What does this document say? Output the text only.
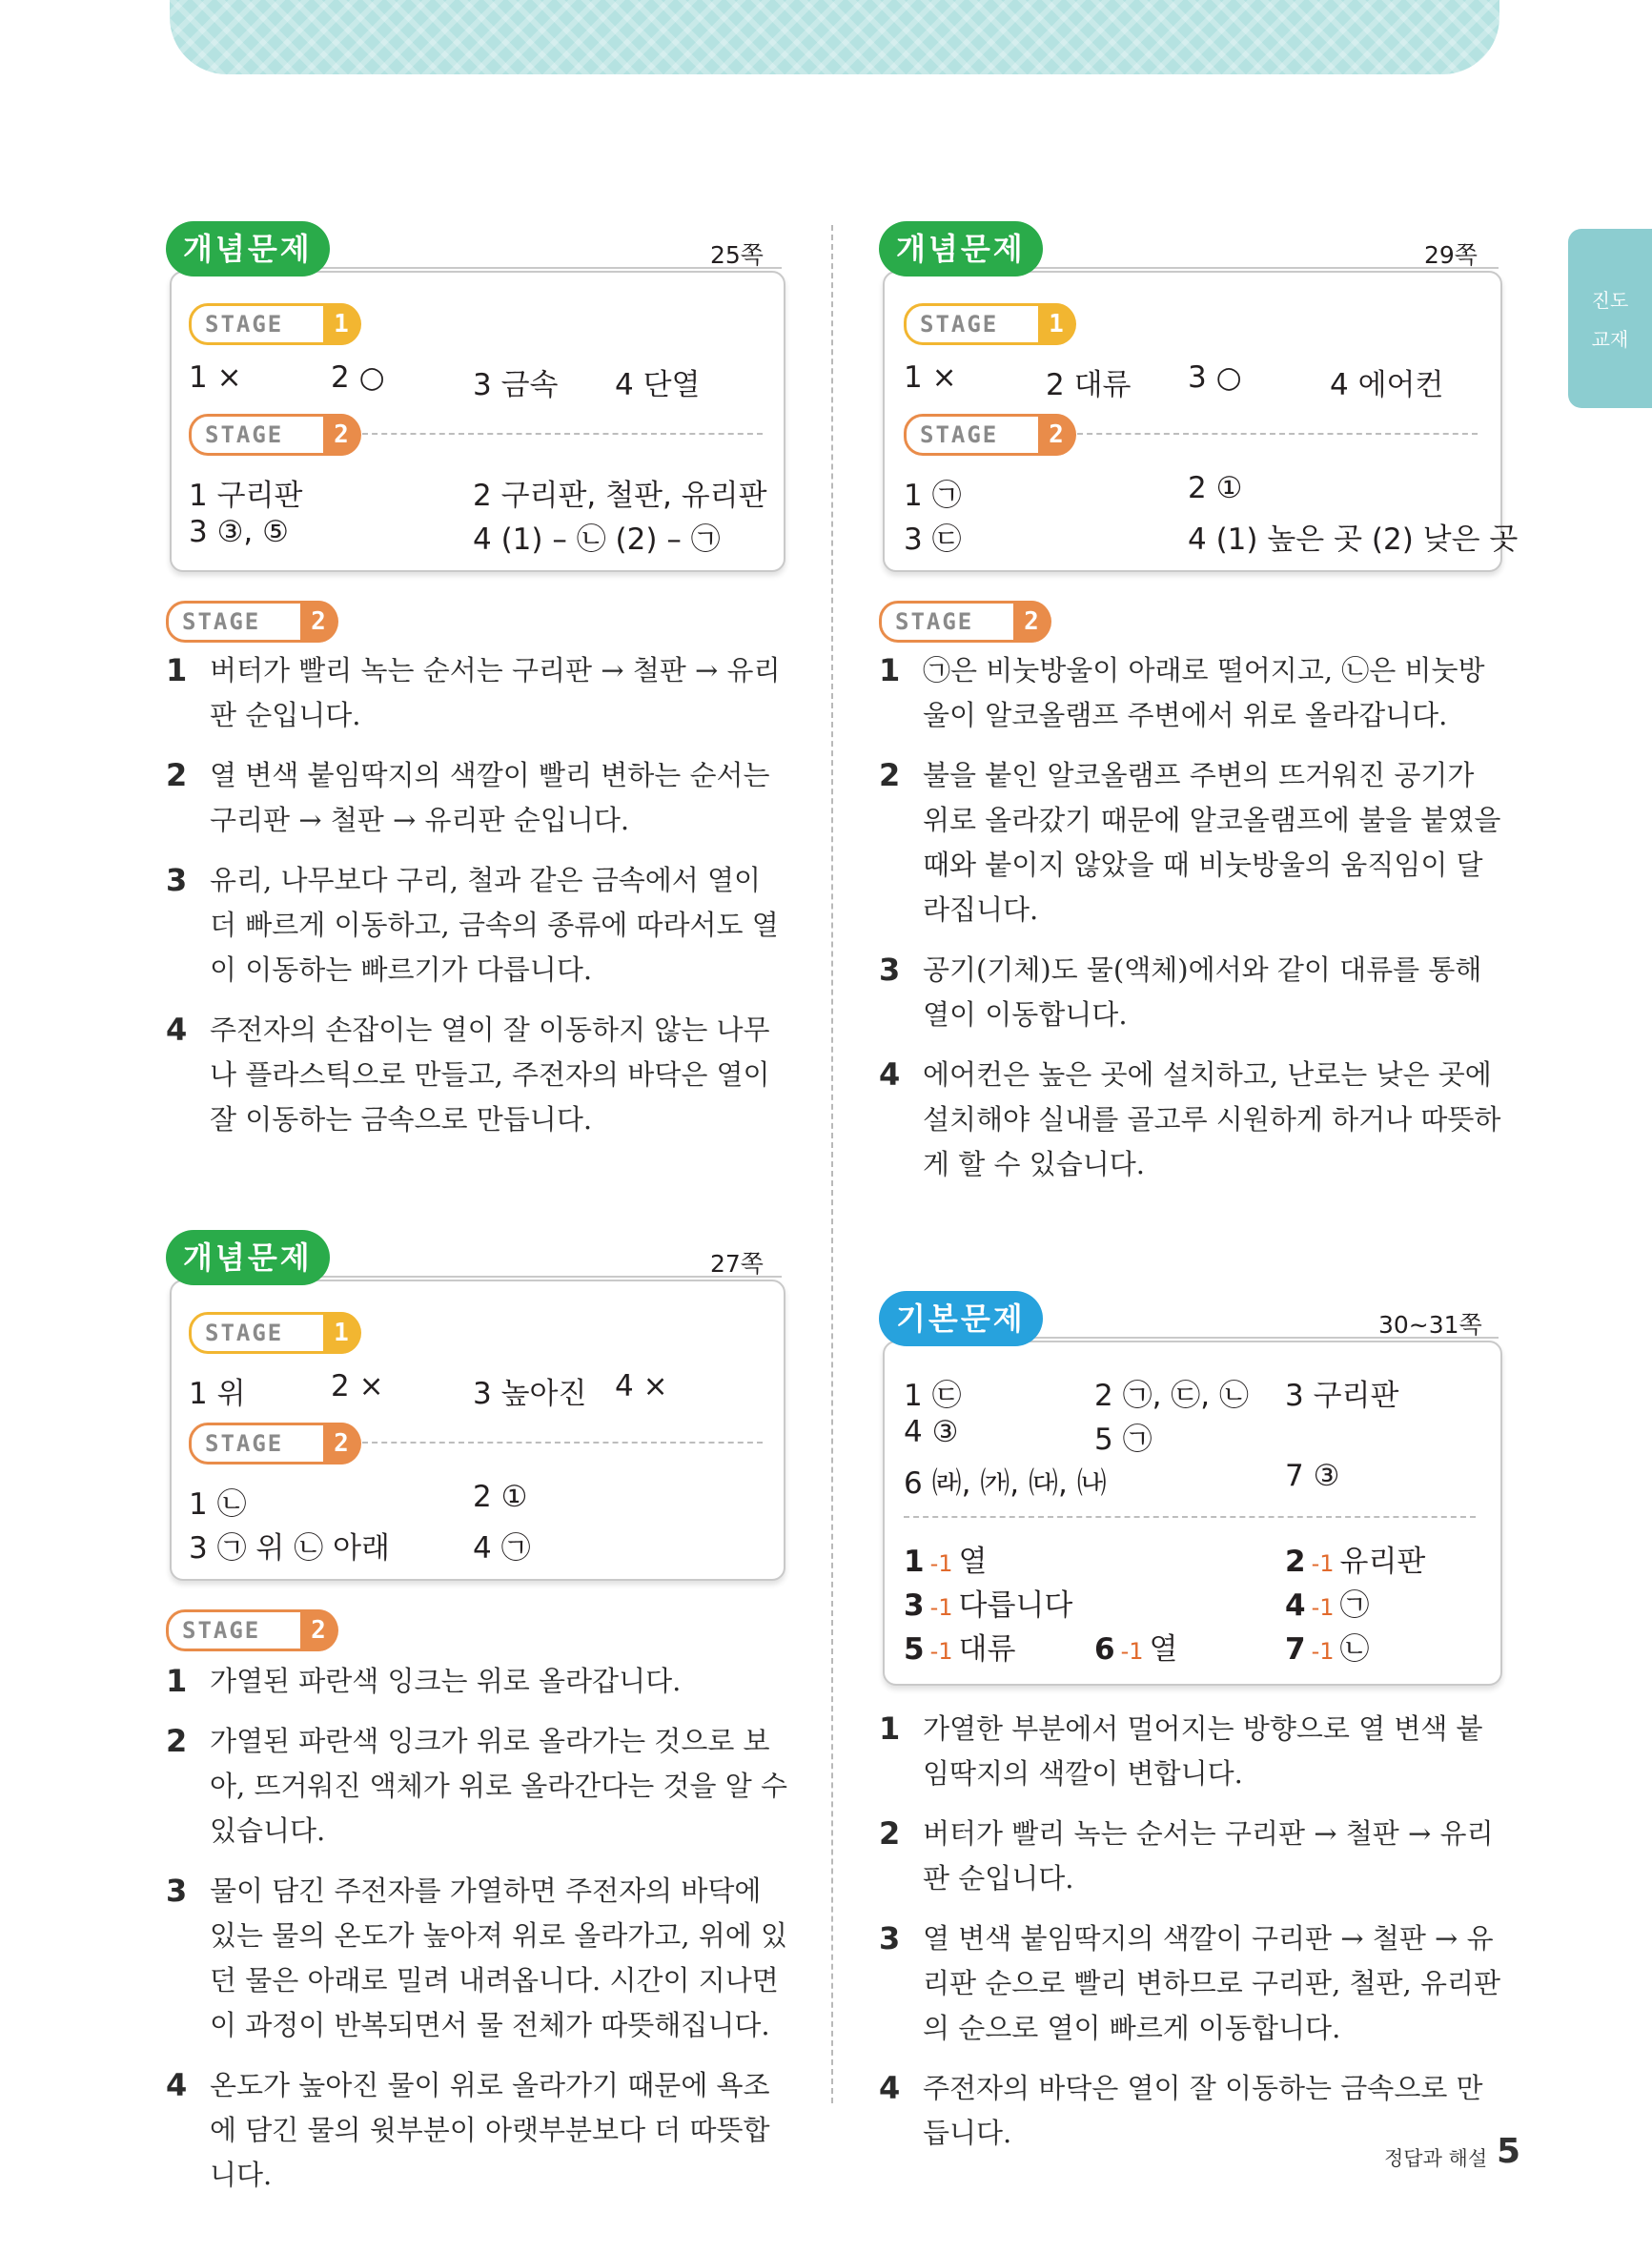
진도
교재
개념문제	25쪽
STAGE	1
1 ×	2 ○	3 금속 4 단열
STAGE	2
1 구리판	2 구리판, 철판, 유리판
3 ③, ⑤	4 (1) – ㉡ (2) – ㉠
STAGE	2
1 버터가 빨리 녹는 순서는 구리판 → 철판 → 유리판 순입니다.
2 열 변색 붙임딱지의 색깔이 빨리 변하는 순서는 구리판 → 철판 → 유리판 순입니다.
3 유리, 나무보다 구리, 철과 같은 금속에서 열이 더 빠르게 이동하고, 금속의 종류에 따라서도 열이 이동하는 빠르기가 다릅니다.
4 주전자의 손잡이는 열이 잘 이동하지 않는 나무나 플라스틱으로 만들고, 주전자의 바닥은 열이 잘 이동하는 금속으로 만듭니다.
개념문제	27쪽
STAGE	1
1 위	2 ×	3 높아진 4 ×
STAGE	2
1 ㉡	2 ①
3 ㉠ 위 ㉡ 아래	4 ㉠
STAGE	2
1 가열된 파란색 잉크는 위로 올라갑니다.
2 가열된 파란색 잉크가 위로 올라가는 것으로 보아, 뜨거워진 액체가 위로 올라간다는 것을 알 수 있습니다.
3 물이 담긴 주전자를 가열하면 주전자의 바닥에 있는 물의 온도가 높아져 위로 올라가고, 위에 있던 물은 아래로 밀려 내려옵니다. 시간이 지나면 이 과정이 반복되면서 물 전체가 따뜻해집니다.
4 온도가 높아진 물이 위로 올라가기 때문에 욕조에 담긴 물의 윗부분이 아랫부분보다 더 따뜻합니다.
개념문제	29쪽
STAGE	1
1 ×	2 대류 3 ○	4 에어컨
STAGE	2
1 ㉠	2 ①
3 ㉢	4 (1) 높은 곳 (2) 낮은 곳
STAGE	2
1 ㉠은 비눗방울이 아래로 떨어지고, ㉡은 비눗방울이 알코올램프 주변에서 위로 올라갑니다.
2 불을 붙인 알코올램프 주변의 뜨거워진 공기가 위로 올라갔기 때문에 알코올램프에 불을 붙였을 때와 붙이지 않았을 때 비눗방울의 움직임이 달라집니다.
3 공기(기체)도 물(액체)에서와 같이 대류를 통해 열이 이동합니다.
4 에어컨은 높은 곳에 설치하고, 난로는 낮은 곳에 설치해야 실내를 골고루 시원하게 하거나 따뜻하게 할 수 있습니다.
기본문제	30~31쪽
1 ㉢	2 ㉠, ㉢, ㉡ 3 구리판
4 ③	5 ㉠
6 ㈑, ㈎, ㈐, ㈏	7 ③
1 -1 열	2 -1 유리판
3 -1 다릅니다	4 -1 ㉠
5 -1 대류	6 -1 열	7 -1 ㉡
1 가열한 부분에서 멀어지는 방향으로 열 변색 붙임딱지의 색깔이 변합니다.
2 버터가 빨리 녹는 순서는 구리판 → 철판 → 유리판 순입니다.
3 열 변색 붙임딱지의 색깔이 구리판 → 철판 → 유리판 순으로 빨리 변하므로 구리판, 철판, 유리판의 순으로 열이 빠르게 이동합니다.
4 주전자의 바닥은 열이 잘 이동하는 금속으로 만듭니다.
정답과 해설 5
